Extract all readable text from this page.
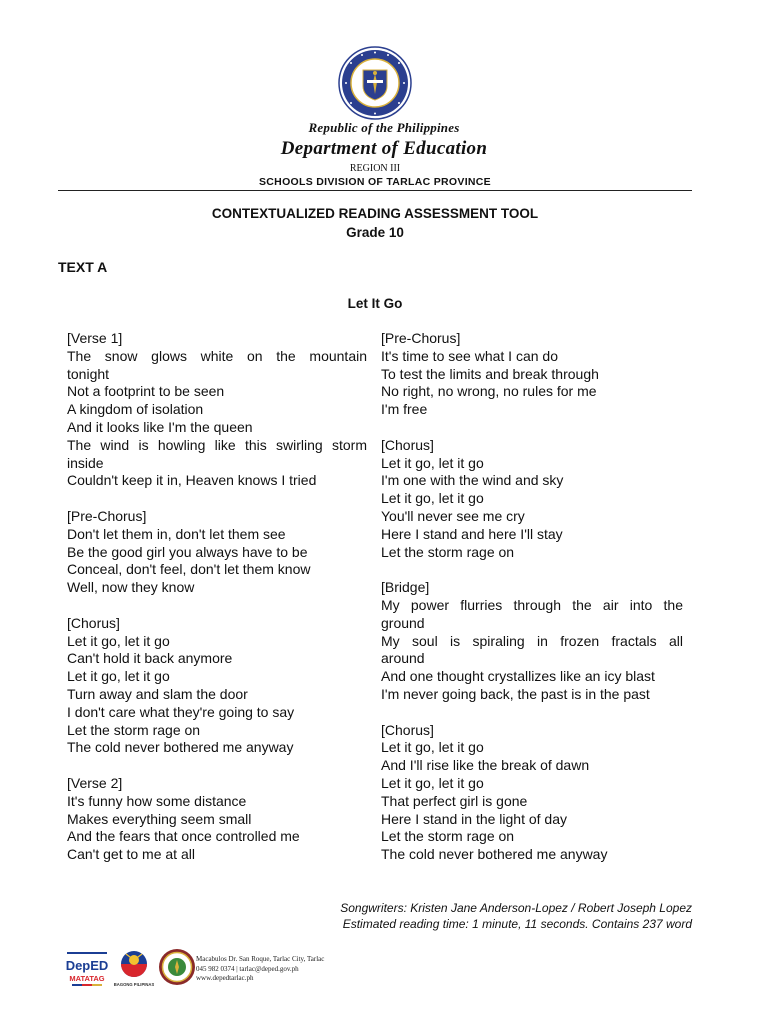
Republic of the Philippines
Department of Education
REGION III
SCHOOLS DIVISION OF TARLAC PROVINCE
CONTEXTUALIZED READING ASSESSMENT TOOL
Grade 10
TEXT A
Let It Go
[Verse 1]
The snow glows white on the mountain
tonight
Not a footprint to be seen
A kingdom of isolation
And it looks like I'm the queen
The wind is howling like this swirling storm
inside
Couldn't keep it in, Heaven knows I tried
[Pre-Chorus]
Don't let them in, don't let them see
Be the good girl you always have to be
Conceal, don't feel, don't let them know
Well, now they know
[Chorus]
Let it go, let it go
Can't hold it back anymore
Let it go, let it go
Turn away and slam the door
I don't care what they're going to say
Let the storm rage on
The cold never bothered me anyway
[Verse 2]
It's funny how some distance
Makes everything seem small
And the fears that once controlled me
Can't get to me at all
[Pre-Chorus]
It's time to see what I can do
To test the limits and break through
No right, no wrong, no rules for me
I'm free
[Chorus]
Let it go, let it go
I'm one with the wind and sky
Let it go, let it go
You'll never see me cry
Here I stand and here I'll stay
Let the storm rage on
[Bridge]
My power flurries through the air into the
ground
My soul is spiraling in frozen fractals all
around
And one thought crystallizes like an icy blast
I'm never going back, the past is in the past
[Chorus]
Let it go, let it go
And I'll rise like the break of dawn
Let it go, let it go
That perfect girl is gone
Here I stand in the light of day
Let the storm rage on
The cold never bothered me anyway
Songwriters: Kristen Jane Anderson-Lopez / Robert Joseph Lopez
Estimated reading time: 1 minute, 11 seconds. Contains 237 word
DepED
MATATAG
BAGONG PILIPINAS
Macabulos Dr. San Roque, Tarlac City, Tarlac
045 982 0374 | tarlac@deped.gov.ph
www.depedtarlac.ph
